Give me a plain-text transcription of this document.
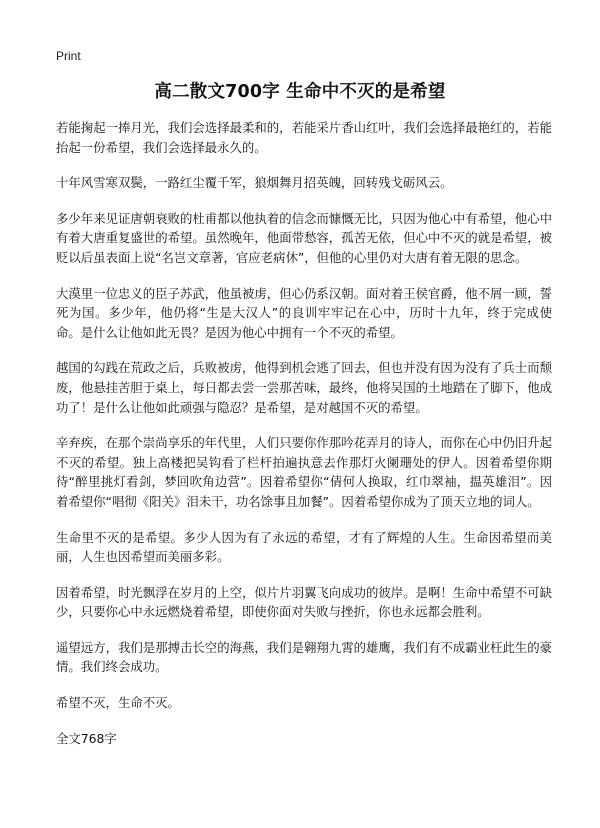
Print
高二散文700字 生命中不灭的是希望

若能掬起一捧月光，我们会选择最柔和的，若能采片香山红叶，我们会选择最艳红的，若能抬起一份希望，我们会选择最永久的。

十年风雪寒双鬓，一路红尘覆千军，狼烟舞月招英魄，回转残戈砺风云。

多少年来见证唐朝衰败的杜甫都以他执着的信念而慷慨无比，只因为他心中有希望，他心中有着大唐重复盛世的希望。虽然晚年，他面带愁容，孤苦无依，但心中不灭的就是希望，被贬以后虽表面上说“名岂文章著，官应老病休”，但他的心里仍对大唐有着无限的思念。

大漠里一位忠义的臣子苏武，他虽被虏，但心仍系汉朝。面对着王侯官爵，他不屑一顾，誓死为国。多少年，他仍将“生是大汉人”的良训牢牢记在心中，历时十九年，终于完成使命。是什么让他如此无畏？是因为他心中拥有一个不灭的希望。

越国的勾践在荒政之后，兵败被虏，他得到机会逃了回去，但也并没有因为没有了兵士而颓废，他悬挂苦胆于桌上，每日都去尝一尝那苦味，最终，他将吴国的土地踏在了脚下，他成功了！是什么让他如此顽强与隐忍？是希望，是对越国不灭的希望。

辛弃疾，在那个崇尚享乐的年代里，人们只要你作那吟花弄月的诗人，而你在心中仍旧升起不灭的希望。独上高楼把吴钩看了栏杆拍遍执意去作那灯火阑珊处的伊人。因着希望你期待“醉里挑灯看剑，梦回吹角边营”。因着希望你“倩何人换取，红巾翠袖，揾英雄泪”。因着希望你“唱彻《阳关》泪未干，功名馀事且加餐”。因着希望你成为了顶天立地的词人。

生命里不灭的是希望。多少人因为有了永远的希望，才有了辉煌的人生。生命因希望而美丽，人生也因希望而美丽多彩。

因着希望，时光飘浮在岁月的上空，似片片羽翼飞向成功的彼岸。是啊！生命中希望不可缺少，只要你心中永远燃烧着希望，即使你面对失败与挫折，你也永远都会胜利。

遥望远方，我们是那搏击长空的海燕，我们是翱翔九霄的雄鹰，我们有不成霸业枉此生的豪情。我们终会成功。

希望不灭，生命不灭。

全文768字
